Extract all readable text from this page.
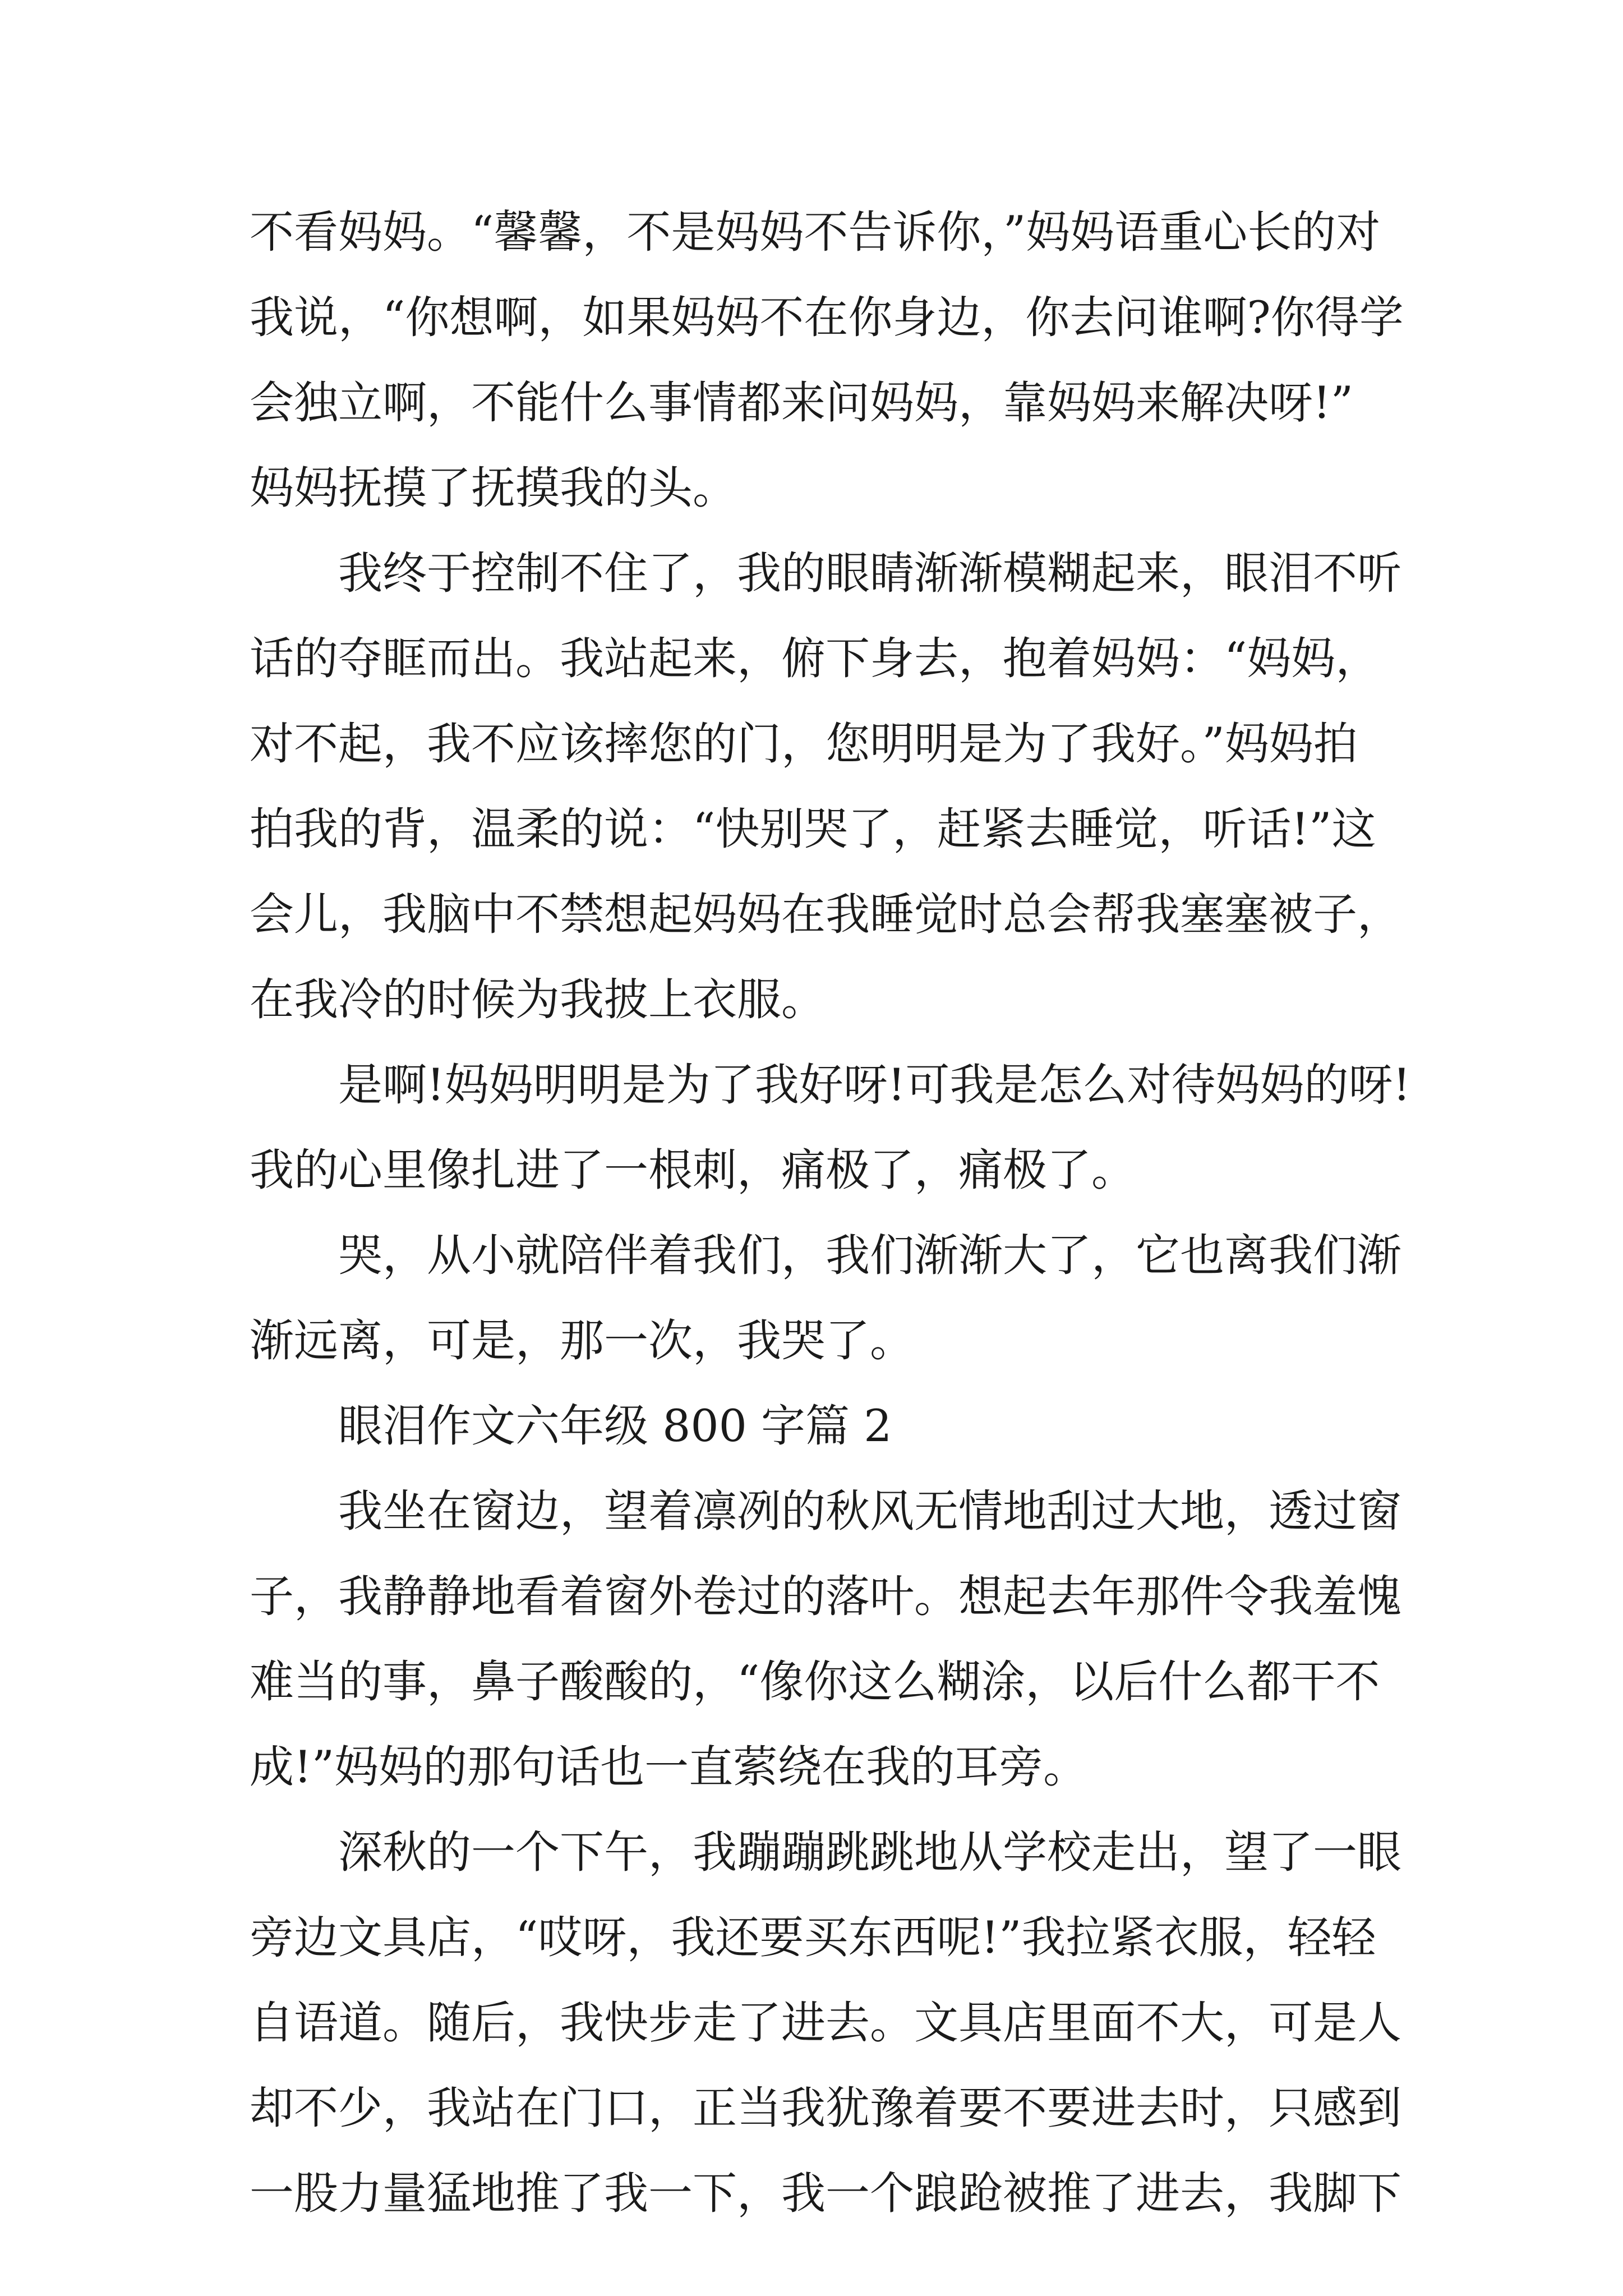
不看妈妈。“馨馨，不是妈妈不告诉你，”妈妈语重心长的对
我说，“你想啊，如果妈妈不在你身边，你去问谁啊?你得学
会独立啊，不能什么事情都来问妈妈，靠妈妈来解决呀!”
妈妈抚摸了抚摸我的头。
我终于控制不住了，我的眼睛渐渐模糊起来，眼泪不听
话的夺眶而出。我站起来，俯下身去，抱着妈妈：“妈妈，
对不起，我不应该摔您的门，您明明是为了我好。”妈妈拍
拍我的背，温柔的说：“快别哭了，赶紧去睡觉，听话!”这
会儿，我脑中不禁想起妈妈在我睡觉时总会帮我塞塞被子，
在我冷的时候为我披上衣服。
是啊!妈妈明明是为了我好呀!可我是怎么对待妈妈的呀!
我的心里像扎进了一根刺，痛极了，痛极了。
哭，从小就陪伴着我们，我们渐渐大了，它也离我们渐
渐远离，可是，那一次，我哭了。
眼泪作文六年级 800 字篇 2
我坐在窗边，望着凛冽的秋风无情地刮过大地，透过窗
子，我静静地看着窗外卷过的落叶。想起去年那件令我羞愧
难当的事，鼻子酸酸的，“像你这么糊涂，以后什么都干不
成!”妈妈的那句话也一直萦绕在我的耳旁。
深秋的一个下午，我蹦蹦跳跳地从学校走出，望了一眼
旁边文具店，“哎呀，我还要买东西呢!”我拉紧衣服，轻轻
自语道。随后，我快步走了进去。文具店里面不大，可是人
却不少，我站在门口，正当我犹豫着要不要进去时，只感到
一股力量猛地推了我一下，我一个踉跄被推了进去，我脚下
